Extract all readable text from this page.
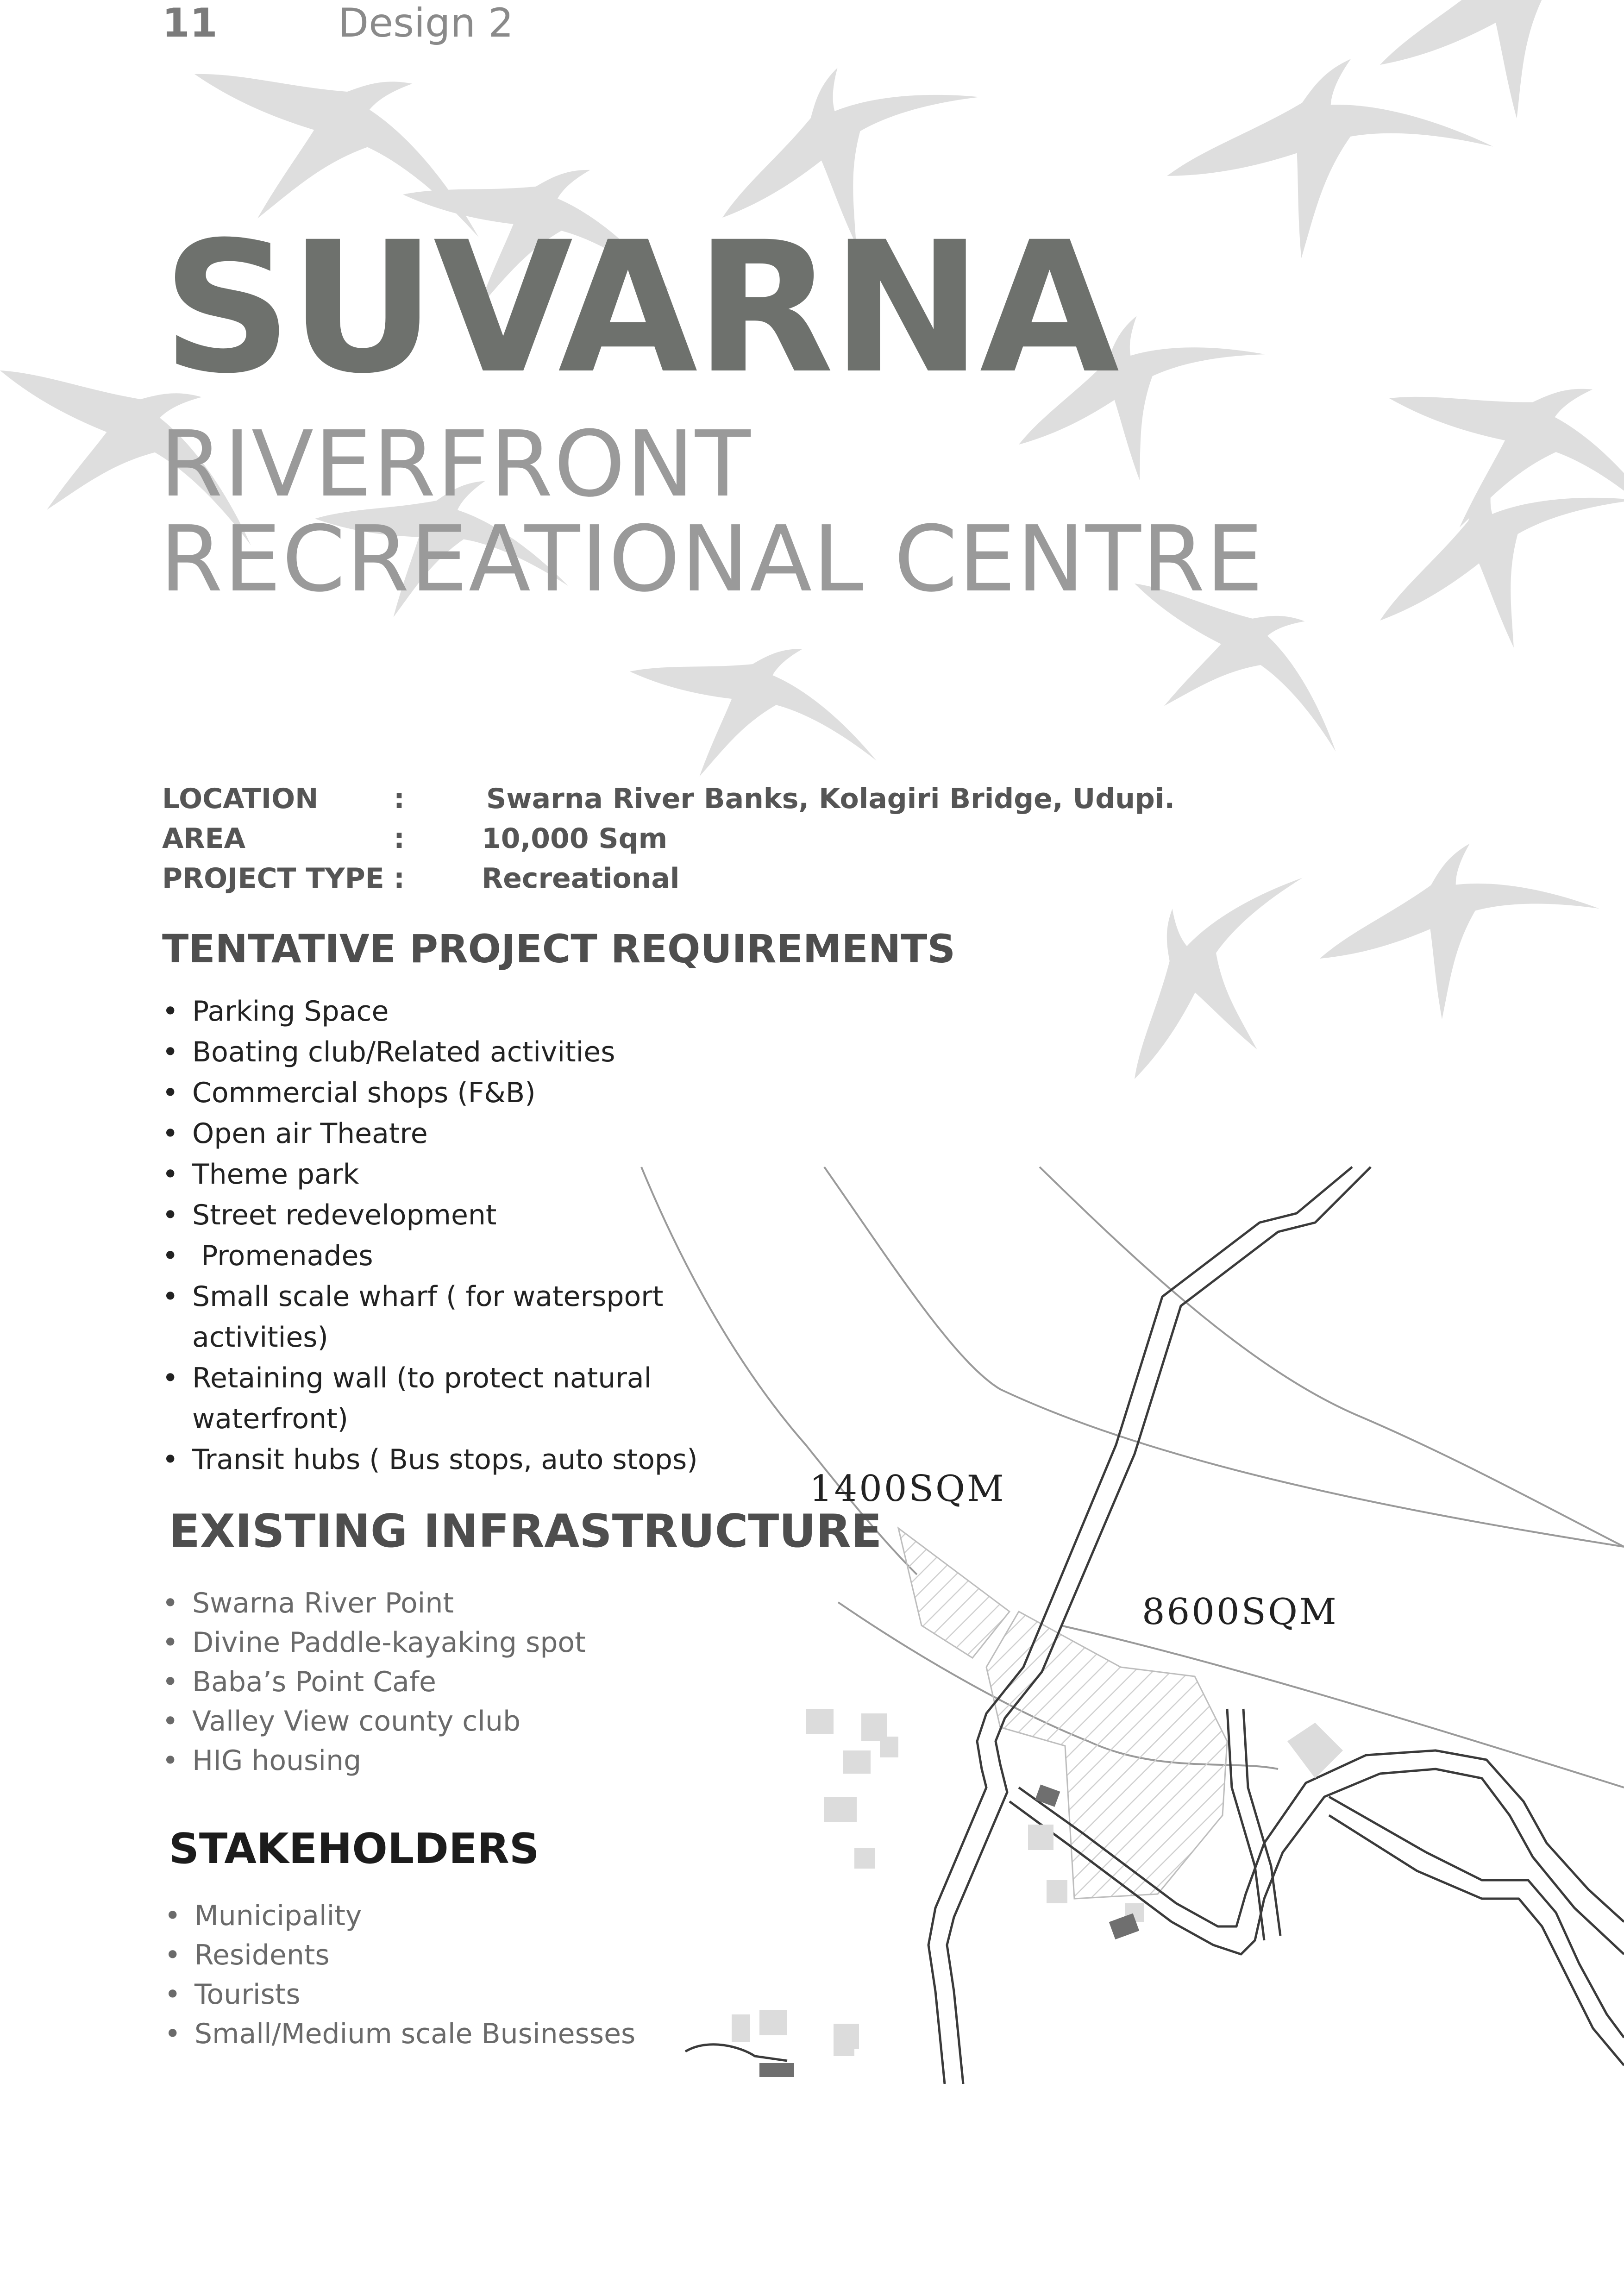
11	Design 2
SUVARNA
RIVERFRONT
RECREATIONAL CENTRE
LOCATION	:	Swarna River Banks, Kolagiri Bridge, Udupi.
AREA	:	10,000 Sqm
PROJECT TYPE :	Recreational
TENTATIVE PROJECT REQUIREMENTS
• Parking Space
• Boating club/Related activities
• Commercial shops (F&B)
• Open air Theatre
• Theme park
• Street redevelopment
•  Promenades
• Small scale wharf ( for watersport activities)
• Retaining wall (to protect natural waterfront)
• Transit hubs ( Bus stops, auto stops)
1400SQM
8600SQM
EXISTING INFRASTRUCTURE
• Swarna River Point
• Divine Paddle-kayaking spot
• Baba’s Point Cafe
• Valley View county club
• HIG housing
STAKEHOLDERS
• Municipality
• Residents
• Tourists
• Small/Medium scale Businesses
